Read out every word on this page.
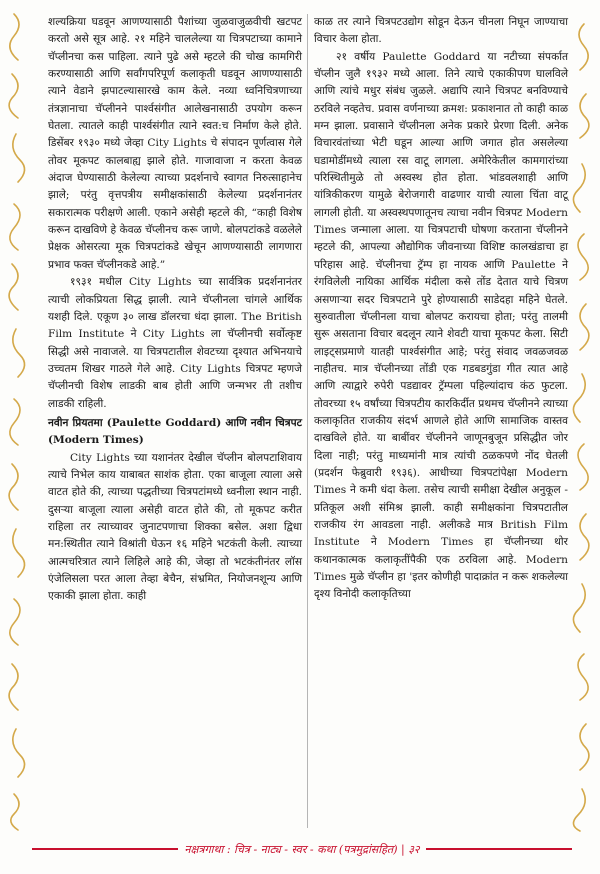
शल्यक्रिया घडवून आणण्यासाठी पैशांच्या जुळवाजुळवीची खटपट करतो असे सूत्र आहे. २१ महिने चाललेल्या या चित्रपटाच्या कामाने चॅप्लीनचा कस पाहिला. त्याने पुढे असे म्हटले की चोख कामगिरी करण्यासाठी आणि सर्वांगपरिपूर्ण कलाकृती घडवून आणण्यासाठी त्याने वेडाने झपाटल्यासारखे काम केले. नव्या ध्वनिचित्रणाच्या तंत्रज्ञानाचा चॅप्लीनने पार्श्वसंगीत आलेखनासाठी उपयोग करून घेतला. त्यातले काही पार्श्वसंगीत त्याने स्वत:च निर्माण केले होते. डिसेंबर १९३० मध्ये जेव्हा City Lights चे संपादन पूर्णत्वास गेले तोवर मूकपट कालबाह्य झाले होते. गाजावाजा न करता केवळ अंदाज घेण्यासाठी केलेल्या त्याच्या प्रदर्शनाचे स्वागत निरुत्साहानेच झाले; परंतु वृत्तपत्रीय समीक्षकांसाठी केलेल्या प्रदर्शनानंतर सकारात्मक परीक्षणे आली. एकाने असेही म्हटले की, “काही विशेष करून दाखविणे हे केवळ चॅप्लीनच करू जाणे. बोलपटांकडे वळलेले प्रेक्षक ओसरत्या मूक चित्रपटांकडे खेचून आणण्यासाठी लागणारा प्रभाव फक्त चॅप्लीनकडे आहे.”

१९३१ मधील City Lights च्या सार्वत्रिक प्रदर्शनानंतर त्याची लोकप्रियता सिद्ध झाली. त्याने चॅप्लीनला चांगले आर्थिक यशही दिले. एकूण ३० लाख डॉलरचा धंदा झाला. The British Film Institute ने City Lights ला चॅप्लीनची सर्वोत्कृष्ट सिद्धी असे नावाजले. या चित्रपटातील शेवटच्या दृश्यात अभिनयाचे उच्चतम शिखर गाठले गेले आहे. City Lights चित्रपट म्हणजे चॅप्लीनची विशेष लाडकी बाब होती आणि जन्मभर ती तशीच लाडकी राहिली.

नवीन प्रियतमा (Paulette Goddard) आणि नवीन चित्रपट (Modern Times)

City Lights च्या यशानंतर देखील चॅप्लीन बोलपटाशिवाय त्याचे निभेल काय याबाबत साशंक होता. एका बाजूला त्याला असे वाटत होते की, त्याच्या पद्धतीच्या चित्रपटांमध्ये ध्वनीला स्थान नाही. दुसऱ्या बाजूला त्याला असेही वाटत होते की, तो मूकपट करीत राहिला तर त्याच्यावर जुनाटपणाचा शिक्का बसेल. अशा द्विधा मन:स्थितीत त्याने विश्रांती घेऊन १६ महिने भटकंती केली. त्याच्या आत्मचरित्रात त्याने लिहिले आहे की, जेव्हा तो भटकंतीनंतर लॉस एंजेलिसला परत आला तेव्हा बेचैन, संभ्रमित, नियोजनशून्य आणि एकाकी झाला होता. काही

काळ तर त्याने चित्रपटउद्योग सोडून देऊन चीनला निघून जाण्याचा विचार केला होता.

२१ वर्षीय Paulette Goddard या नटीच्या संपर्कात चॅप्लीन जुलै १९३२ मध्ये आला. तिने त्याचे एकाकीपण घालविले आणि त्यांचे मधुर संबंध जुळले. अद्यापि त्याने चित्रपट बनविण्याचे ठरविले नव्हतेच. प्रवास वर्णनाच्या क्रमश: प्रकाशनात तो काही काळ मग्न झाला. प्रवासाने चॅप्लीनला अनेक प्रकारे प्रेरणा दिली. अनेक विचारवंतांच्या भेटी घडून आल्या आणि जगात होत असलेल्या घडामोडींमध्ये त्याला रस वाटू लागला. अमेरिकेतील कामगारांच्या परिस्थितीमुळे तो अस्वस्थ होत होता. भांडवलशाही आणि यांत्रिकीकरण यामुळे बेरोजगारी वाढणार याची त्याला चिंता वाटू लागली होती. या अस्वस्थपणातूनच त्याचा नवीन चित्रपट Modern Times जन्माला आला. या चित्रपटाची घोषणा करताना चॅप्लीनने म्हटले की, आपल्या औद्योगिक जीवनाच्या विशिष्ट कालखंडाचा हा परिहास आहे. चॅप्लीनचा ट्रॅम्प हा नायक आणि Paulette ने रंगविलेली नायिका आर्थिक मंदीला कसे तोंड देतात याचे चित्रण असणाऱ्या सदर चित्रपटाने पुरे होण्यासाठी साडेदहा महिने घेतले. सुरुवातीला चॅप्लीनला याचा बोलपट करायचा होता; परंतु तालमी सुरू असताना विचार बदलून त्याने शेवटी याचा मूकपट केला. सिटी लाइट्सप्रमाणे यातही पार्श्वसंगीत आहे; परंतु संवाद जवळजवळ नाहीतच. मात्र चॅप्लीनच्या तोंडी एक गडबडगुंडा गीत त्यात आहे आणि त्याद्वारे रुपेरी पडद्यावर ट्रॅम्पला पहिल्यांदाच कंठ फुटला. तोवरच्या १५ वर्षांच्या चित्रपटीय कारकिर्दीत प्रथमच चॅप्लीनने त्याच्या कलाकृतित राजकीय संदर्भ आणले होते आणि सामाजिक वास्तव दाखविले होते. या बाबींवर चॅप्लीनने जाणूनबुजून प्रसिद्धीत जोर दिला नाही; परंतु माध्यमांनी मात्र त्यांची ठळकपणे नोंद घेतली (प्रदर्शन फेब्रुवारी १९३६). आधीच्या चित्रपटांपेक्षा Modern Times ने कमी धंदा केला. तसेच त्याची समीक्षा देखील अनुकूल - प्रतिकूल अशी संमिश्र झाली. काही समीक्षकांना चित्रपटातील राजकीय रंग आवडला नाही. अलीकडे मात्र British Film Institute ने Modern Times हा चॅप्लीनच्या थोर कथानकात्मक कलाकृतींपैकी एक ठरविला आहे. Modern Times मुळे चॅप्लीन हा 'इतर कोणीही पादाक्रांत न करू शकलेल्या दृश्य विनोदी कलाकृतिच्या

नक्षत्रगाथा : चित्र - नाट्य - स्वर - कथा (पत्रमुद्रांसहित) | ३२
